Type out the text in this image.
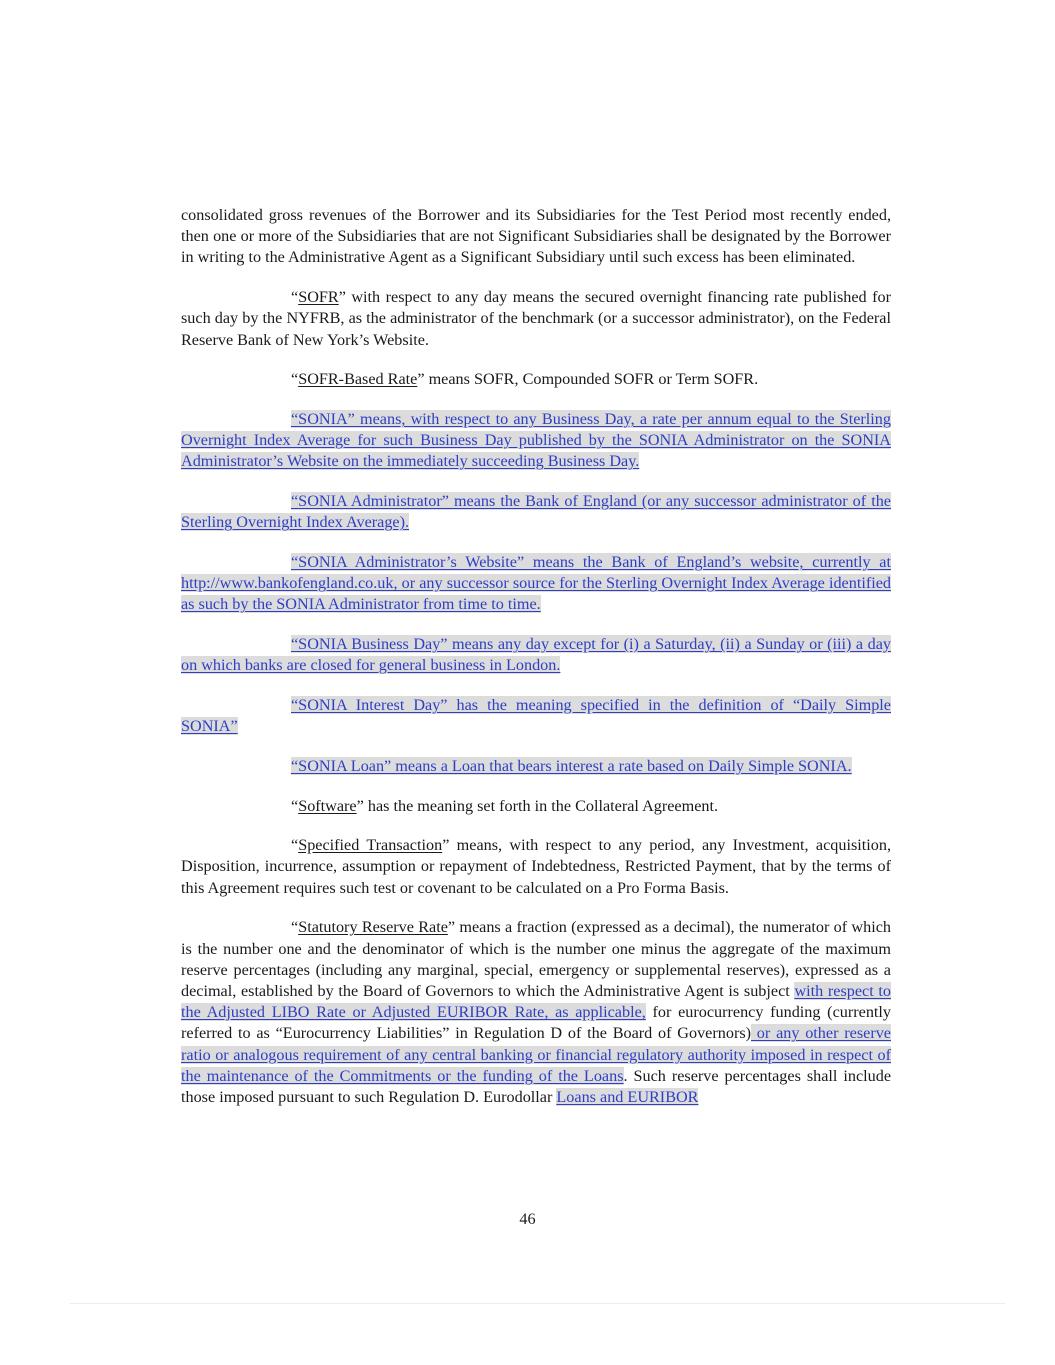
consolidated gross revenues of the Borrower and its Subsidiaries for the Test Period most recently ended, then one or more of the Subsidiaries that are not Significant Subsidiaries shall be designated by the Borrower in writing to the Administrative Agent as a Significant Subsidiary until such excess has been eliminated.

“SOFR” with respect to any day means the secured overnight financing rate published for such day by the NYFRB, as the administrator of the benchmark (or a successor administrator), on the Federal Reserve Bank of New York’s Website.

“SOFR-Based Rate” means SOFR, Compounded SOFR or Term SOFR.

“SONIA” means, with respect to any Business Day, a rate per annum equal to the Sterling Overnight Index Average for such Business Day published by the SONIA Administrator on the SONIA Administrator’s Website on the immediately succeeding Business Day.

“SONIA Administrator” means the Bank of England (or any successor administrator of the Sterling Overnight Index Average).

“SONIA Administrator’s Website” means the Bank of England’s website, currently at http://www.bankofengland.co.uk, or any successor source for the Sterling Overnight Index Average identified as such by the SONIA Administrator from time to time.

“SONIA Business Day” means any day except for (i) a Saturday, (ii) a Sunday or (iii) a day on which banks are closed for general business in London.

“SONIA Interest Day” has the meaning specified in the definition of “Daily Simple SONIA”

“SONIA Loan” means a Loan that bears interest a rate based on Daily Simple SONIA.

“Software” has the meaning set forth in the Collateral Agreement.

“Specified Transaction” means, with respect to any period, any Investment, acquisition, Disposition, incurrence, assumption or repayment of Indebtedness, Restricted Payment, that by the terms of this Agreement requires such test or covenant to be calculated on a Pro Forma Basis.

“Statutory Reserve Rate” means a fraction (expressed as a decimal), the numerator of which is the number one and the denominator of which is the number one minus the aggregate of the maximum reserve percentages (including any marginal, special, emergency or supplemental reserves), expressed as a decimal, established by the Board of Governors to which the Administrative Agent is subject with respect to the Adjusted LIBO Rate or Adjusted EURIBOR Rate, as applicable, for eurocurrency funding (currently referred to as “Eurocurrency Liabilities” in Regulation D of the Board of Governors) or any other reserve ratio or analogous requirement of any central banking or financial regulatory authority imposed in respect of the maintenance of the Commitments or the funding of the Loans. Such reserve percentages shall include those imposed pursuant to such Regulation D. Eurodollar Loans and EURIBOR

46
